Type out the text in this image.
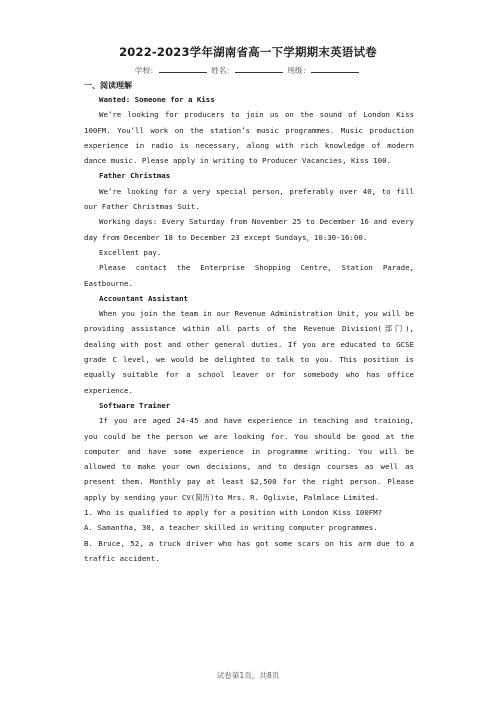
2022-2023学年湖南省高一下学期期末英语试卷
学校：	姓名：	班级：
一、阅读理解

Wanted: Someone for a Kiss

We’re looking for producers to join us on the sound of London Kiss 100FM. You’ll work on the station’s music programmes. Music production experience in radio is necessary, along with rich knowledge of modern dance music. Please apply in writing to Producer Vacancies, Kiss 100.

Father Christmas

We’re looking for a very special person, preferably over 40, to fill our Father Christmas Suit.

Working days: Every Saturday from November 25 to December 16 and every day from December 18 to December 23 except Sundays，10:30-16:00.

Excellent pay.

Please contact the Enterprise Shopping Centre, Station Parade, Eastbourne.

Accountant Assistant

When you join the team in our Revenue Administration Unit, you will be providing assistance within all parts of the Revenue Division(部门), dealing with post and other general duties. If you are educated to GCSE grade C level, we would be delighted to talk to you. This position is equally suitable for a school leaver or for somebody who has office experience.

Software Trainer

If you are aged 24-45 and have experience in teaching and training, you could be the person we are looking for. You should be good at the computer and have some experience in programme writing. You will be allowed to make your own decisions, and to design courses as well as present them. Monthly pay at least $2,500 for the right person. Please apply by sending your CV(简历)to Mrs. R. Oglivie, Palmlace Limited.

1. Who is qualified to apply for a position with London Kiss 100FM?

A. Samantha, 30, a teacher skilled in writing computer programmes.

B. Bruce, 52, a truck driver who has got some scars on his arm due to a traffic accident.

试卷第1页，共8页
